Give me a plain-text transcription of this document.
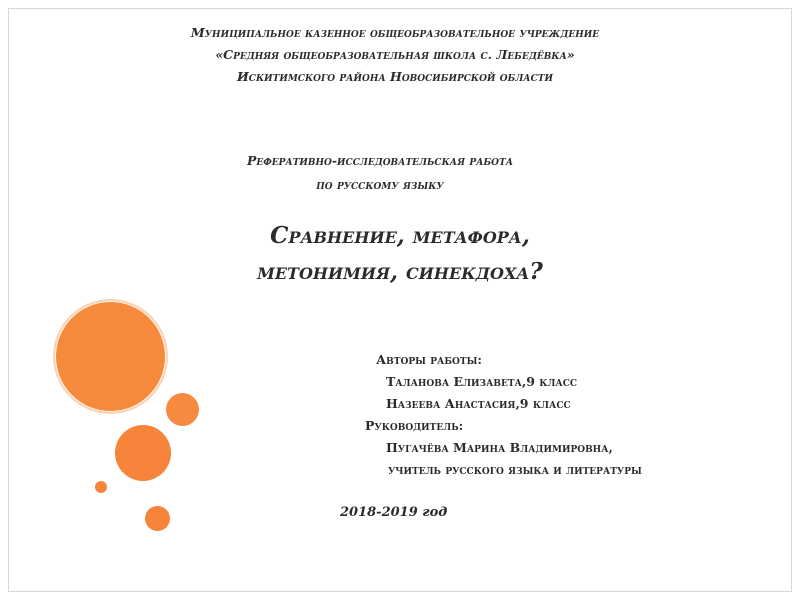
Муниципальное казенное общеобразовательное учреждение
«Средняя общеобразовательная школа с. Лебедёвка»
Искитимского района Новосибирской области
Реферативно-исследовательская работа
по русскому языку
Сравнение, метафора,
метонимия, синекдоха?
Авторы работы:
Таланова Елизавета,9 класс
Назеева Анастасия,9 класс
Руководитель:
Пугачёва Марина Владимировна,
учитель русского языка и литературы
2018-2019 год
